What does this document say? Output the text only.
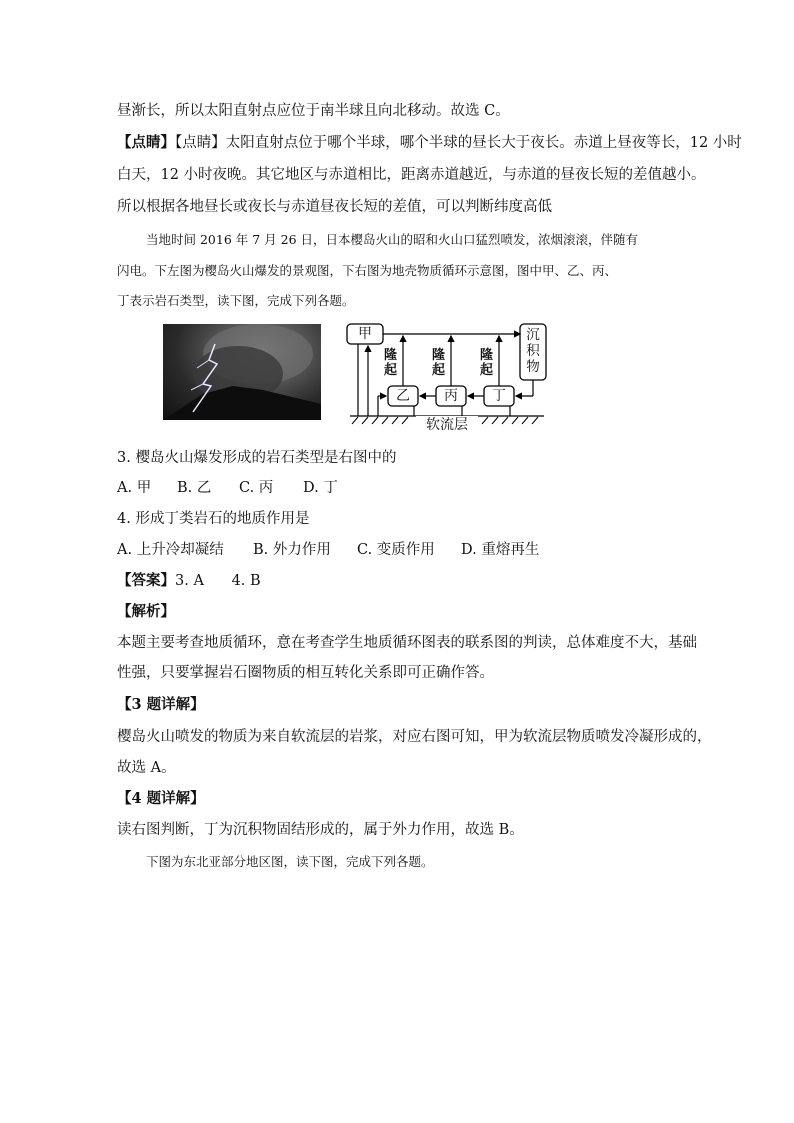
昼渐长，所以太阳直射点应位于南半球且向北移动。故选 C。
【点睛】【点睛】太阳直射点位于哪个半球，哪个半球的昼长大于夜长。赤道上昼夜等长，12 小时
白天，12 小时夜晚。其它地区与赤道相比，距离赤道越近，与赤道的昼夜长短的差值越小。
所以根据各地昼长或夜长与赤道昼夜长短的差值，可以判断纬度高低
当地时间 2016 年 7 月 26 日，日本樱岛火山的昭和火山口猛烈喷发，浓烟滚滚，伴随有
闪电。下左图为樱岛火山爆发的景观图，下右图为地壳物质循环示意图，图中甲、乙、丙、
丁表示岩石类型，读下图，完成下列各题。
甲	沉积物
乙	丙	丁
隆起
隆起
隆起
软流层
3. 樱岛火山爆发形成的岩石类型是右图中的
A. 甲 B. 乙 C. 丙 D. 丁
4. 形成丁类岩石的地质作用是
A. 上升冷却凝结 B. 外力作用 C. 变质作用 D. 重熔再生
【答案】3. A      4. B
【解析】
本题主要考查地质循环，意在考查学生地质循环图表的联系图的判读，总体难度不大，基础
性强，只要掌握岩石圈物质的相互转化关系即可正确作答。
【3 题详解】
樱岛火山喷发的物质为来自软流层的岩浆，对应右图可知，甲为软流层物质喷发冷凝形成的，
故选 A。
【4 题详解】
读右图判断，丁为沉积物固结形成的，属于外力作用，故选 B。
下图为东北亚部分地区图，读下图，完成下列各题。
